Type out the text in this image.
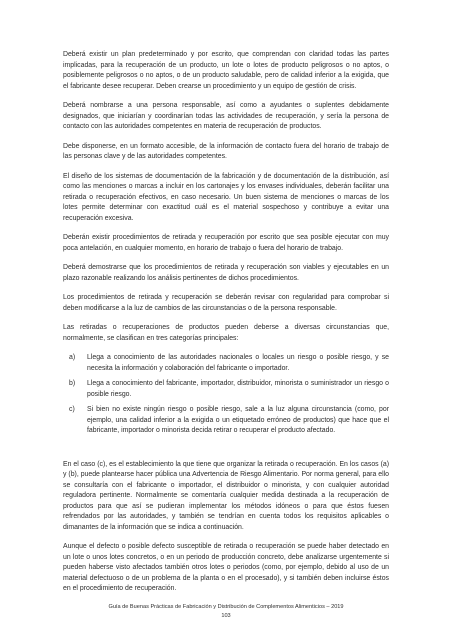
Deberá existir un plan predeterminado y por escrito, que comprendan con claridad todas las partes implicadas, para la recuperación de un producto, un lote o lotes de producto peligrosos o no aptos, o posiblemente peligrosos o no aptos, o de un producto saludable, pero de calidad inferior a la exigida, que el fabricante desee recuperar. Deben crearse un procedimiento y un equipo de gestión de crisis.

Deberá nombrarse a una persona responsable, así como a ayudantes o suplentes debidamente designados, que iniciarían y coordinarían todas las actividades de recuperación, y sería la persona de contacto con las autoridades competentes en materia de recuperación de productos.

Debe disponerse, en un formato accesible, de la información de contacto fuera del horario de trabajo de las personas clave y de las autoridades competentes.

El diseño de los sistemas de documentación de la fabricación y de documentación de la distribución, así como las menciones o marcas a incluir en los cartonajes y los envases individuales, deberán facilitar una retirada o recuperación efectivos, en caso necesario. Un buen sistema de menciones o marcas de los lotes permite determinar con exactitud cuál es el material sospechoso y contribuye a evitar una recuperación excesiva.

Deberán existir procedimientos de retirada y recuperación por escrito que sea posible ejecutar con muy poca antelación, en cualquier momento, en horario de trabajo o fuera del horario de trabajo.

Deberá demostrarse que los procedimientos de retirada y recuperación son viables y ejecutables en un plazo razonable realizando los análisis pertinentes de dichos procedimientos.

Los procedimientos de retirada y recuperación se deberán revisar con regularidad para comprobar si deben modificarse a la luz de cambios de las circunstancias o de la persona responsable.

Las retiradas o recuperaciones de productos pueden deberse a diversas circunstancias que, normalmente, se clasifican en tres categorías principales:

a)	Llega a conocimiento de las autoridades nacionales o locales un riesgo o posible riesgo, y se necesita la información y colaboración del fabricante o importador.
b)	Llega a conocimiento del fabricante, importador, distribuidor, minorista o suministrador un riesgo o posible riesgo.
c)	Si bien no existe ningún riesgo o posible riesgo, sale a la luz alguna circunstancia (como, por ejemplo, una calidad inferior a la exigida o un etiquetado erróneo de productos) que hace que el fabricante, importador o minorista decida retirar o recuperar el producto afectado.

En el caso (c), es el establecimiento la que tiene que organizar la retirada o recuperación. En los casos (a) y (b), puede plantearse hacer pública una Advertencia de Riesgo Alimentario. Por norma general, para ello se consultaría con el fabricante o importador, el distribuidor o minorista, y con cualquier autoridad reguladora pertinente. Normalmente se comentaría cualquier medida destinada a la recuperación de productos para que así se pudieran implementar los métodos idóneos o para que éstos fuesen refrendados por las autoridades, y también se tendrían en cuenta todos los requisitos aplicables o dimanantes de la información que se indica a continuación.

Aunque el defecto o posible defecto susceptible de retirada o recuperación se puede haber detectado en un lote o unos lotes concretos, o en un periodo de producción concreto, debe analizarse urgentemente si pueden haberse visto afectados también otros lotes o periodos (como, por ejemplo, debido al uso de un material defectuoso o de un problema de la planta o en el procesado), y si también deben incluirse éstos en el procedimiento de recuperación.

Guía de Buenas Prácticas de Fabricación y Distribución de Complementos Alimenticios – 2019
103
